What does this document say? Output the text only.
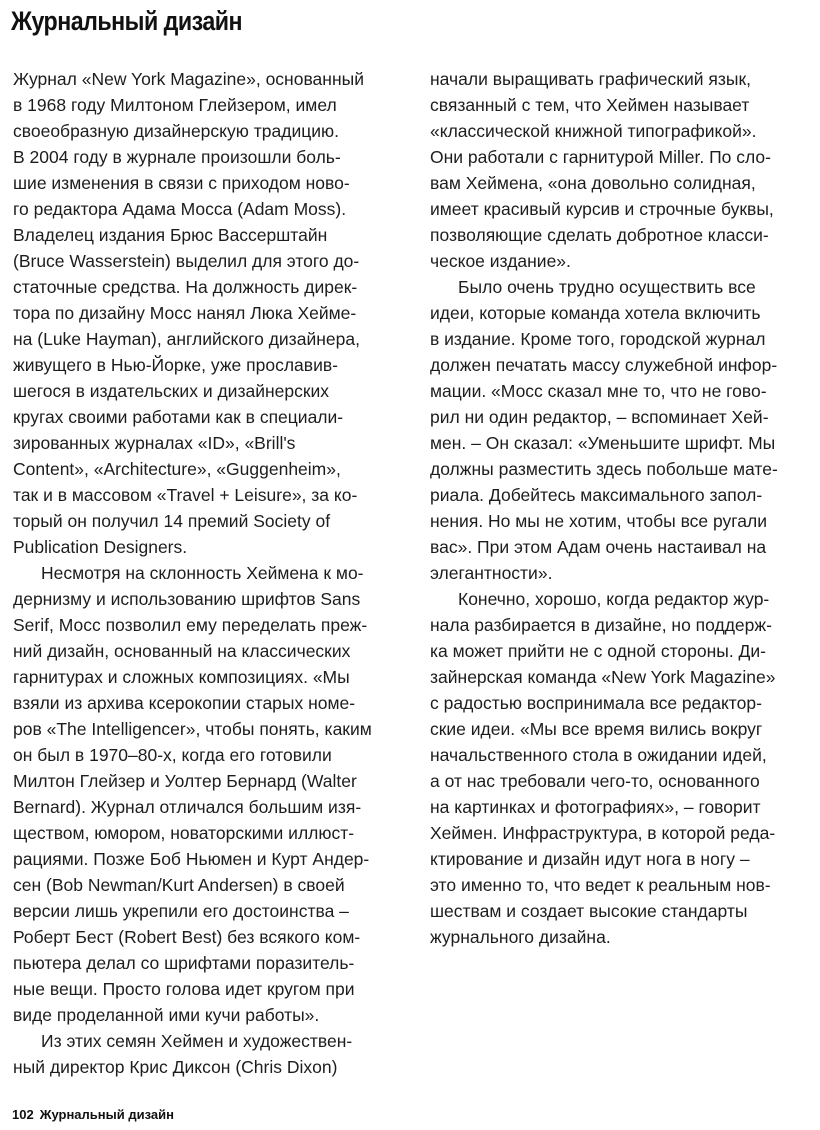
Журнальный дизайн
Журнал «New York Magazine», основанный
в 1968 году Милтоном Глейзером, имел
своеобразную дизайнерскую традицию.
В 2004 году в журнале произошли боль-
шие изменения в связи с приходом ново-
го редактора Адама Мосса (Adam Moss).
Владелец издания Брюс Вассерштайн
(Bruce Wasserstein) выделил для этого до-
статочные средства. На должность дирек-
тора по дизайну Мосс нанял Люка Хейме-
на (Luke Hayman), английского дизайнера,
живущего в Нью-Йорке, уже прославив-
шегося в издательских и дизайнерских
кругах своими работами как в специали-
зированных журналах «ID», «Brill's
Content», «Architecture», «Guggenheim»,
так и в массовом «Travel + Leisure», за ко-
торый он получил 14 премий Society of
Publication Designers.
Несмотря на склонность Хеймена к мо-
дернизму и использованию шрифтов Sans
Serif, Мосс позволил ему переделать преж-
ний дизайн, основанный на классических
гарнитурах и сложных композициях. «Мы
взяли из архива ксерокопии старых номе-
ров «The Intelligencer», чтобы понять, каким
он был в 1970–80-х, когда его готовили
Милтон Глейзер и Уолтер Бернард (Walter
Bernard). Журнал отличался большим изя-
ществом, юмором, новаторскими иллюст-
рациями. Позже Боб Ньюмен и Курт Андер-
сен (Bob Newman/Kurt Andersen) в своей
версии лишь укрепили его достоинства –
Роберт Бест (Robert Best) без всякого ком-
пьютера делал со шрифтами поразитель-
ные вещи. Просто голова идет кругом при
виде проделанной ими кучи работы».
Из этих семян Хеймен и художествен-
ный директор Крис Диксон (Chris Dixon)
начали выращивать графический язык,
связанный с тем, что Хеймен называет
«классической книжной типографикой».
Они работали с гарнитурой Miller. По сло-
вам Хеймена, «она довольно солидная,
имеет красивый курсив и строчные буквы,
позволяющие сделать добротное класси-
ческое издание».
Было очень трудно осуществить все
идеи, которые команда хотела включить
в издание. Кроме того, городской журнал
должен печатать массу служебной инфор-
мации. «Мосс сказал мне то, что не гово-
рил ни один редактор, – вспоминает Хей-
мен. – Он сказал: «Уменьшите шрифт. Мы
должны разместить здесь побольше мате-
риала. Добейтесь максимального запол-
нения. Но мы не хотим, чтобы все ругали
вас». При этом Адам очень настаивал на
элегантности».
Конечно, хорошо, когда редактор жур-
нала разбирается в дизайне, но поддерж-
ка может прийти не с одной стороны. Ди-
зайнерская команда «New York Magazine»
с радостью воспринимала все редактор-
ские идеи. «Мы все время вились вокруг
начальственного стола в ожидании идей,
а от нас требовали чего-то, основанного
на картинках и фотографиях», – говорит
Хеймен. Инфраструктура, в которой реда-
ктирование и дизайн идут нога в ногу –
это именно то, что ведет к реальным нов-
шествам и создает высокие стандарты
журнального дизайна.
102 Журнальный дизайн
